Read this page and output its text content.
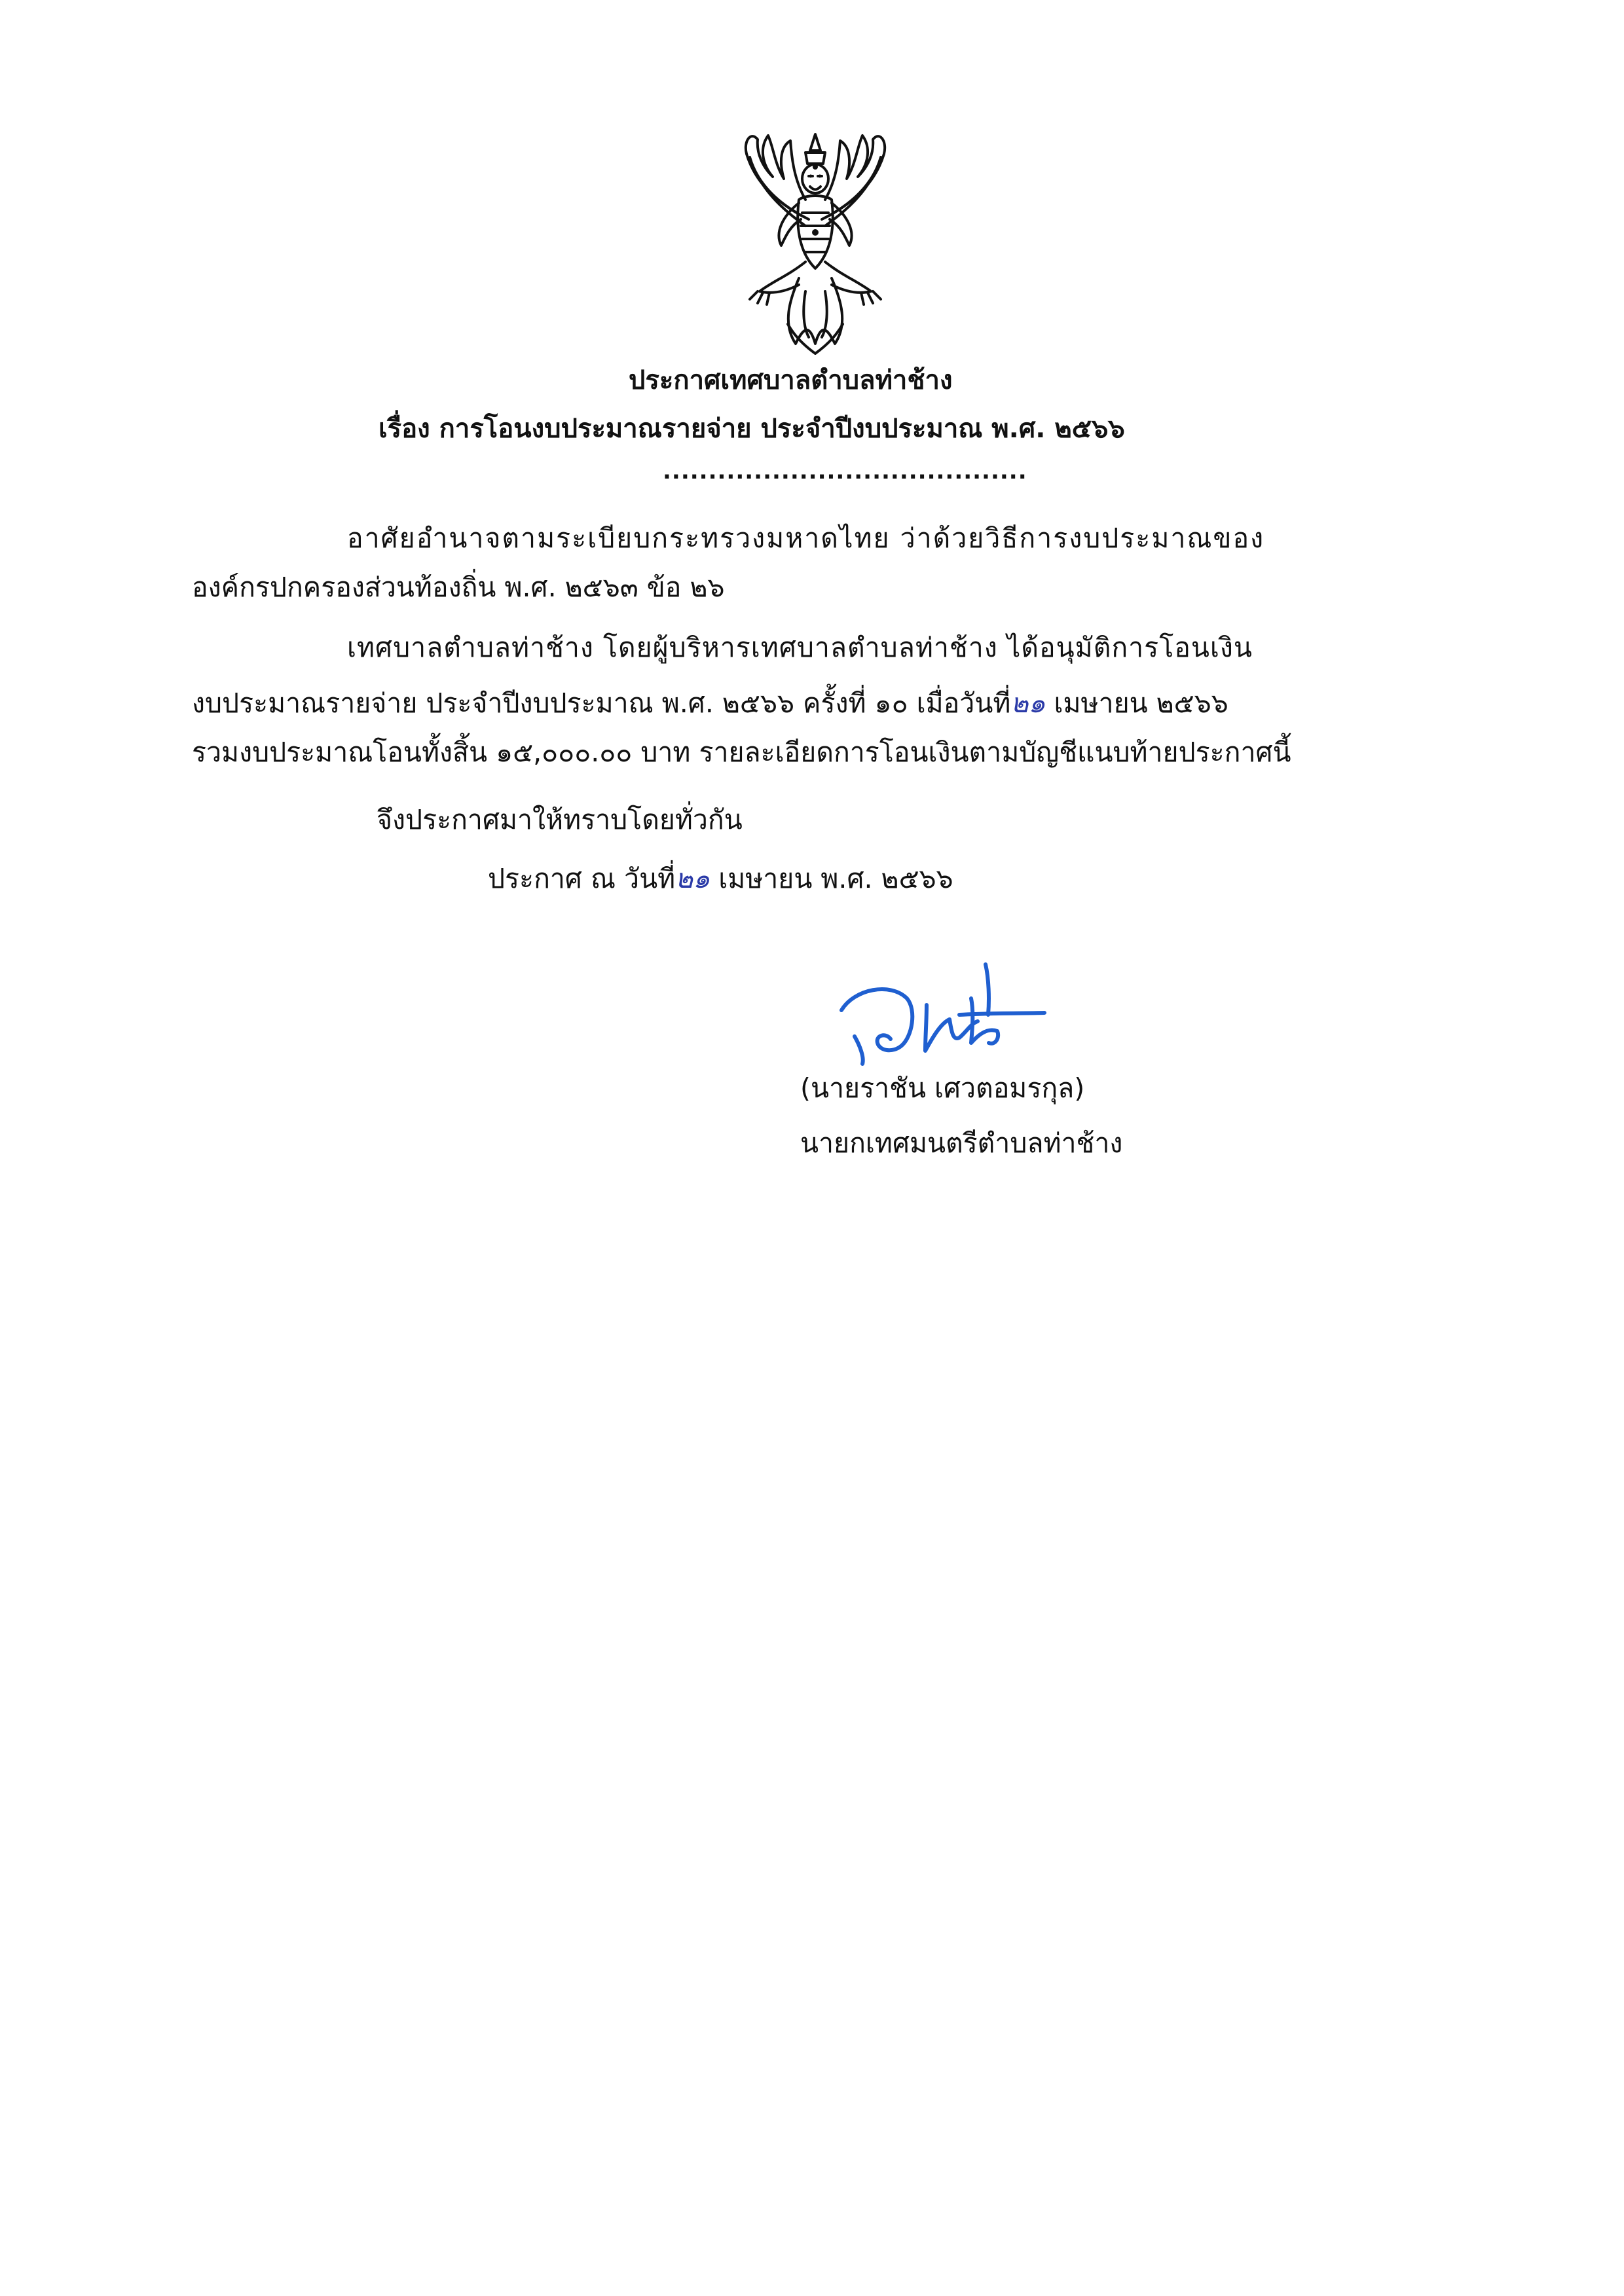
ประกาศเทศบาลตำบลท่าช้าง
เรื่อง การโอนงบประมาณรายจ่าย ประจำปีงบประมาณ พ.ศ. ๒๕๖๖
........................................
อาศัยอำนาจตามระเบียบกระทรวงมหาดไทย ว่าด้วยวิธีการงบประมาณของ
องค์กรปกครองส่วนท้องถิ่น พ.ศ. ๒๕๖๓ ข้อ ๒๖
เทศบาลตำบลท่าช้าง โดยผู้บริหารเทศบาลตำบลท่าช้าง ได้อนุมัติการโอนเงิน
งบประมาณรายจ่าย ประจำปีงบประมาณ พ.ศ. ๒๕๖๖ ครั้งที่ ๑๐ เมื่อวันที่๒๑ เมษายน ๒๕๖๖
รวมงบประมาณโอนทั้งสิ้น ๑๕,๐๐๐.๐๐ บาท รายละเอียดการโอนเงินตามบัญชีแนบท้ายประกาศนี้
จึงประกาศมาให้ทราบโดยทั่วกัน
ประกาศ ณ วันที่๒๑ เมษายน พ.ศ. ๒๕๖๖
(นายราชัน เศวตอมรกุล)
นายกเทศมนตรีตำบลท่าช้าง
